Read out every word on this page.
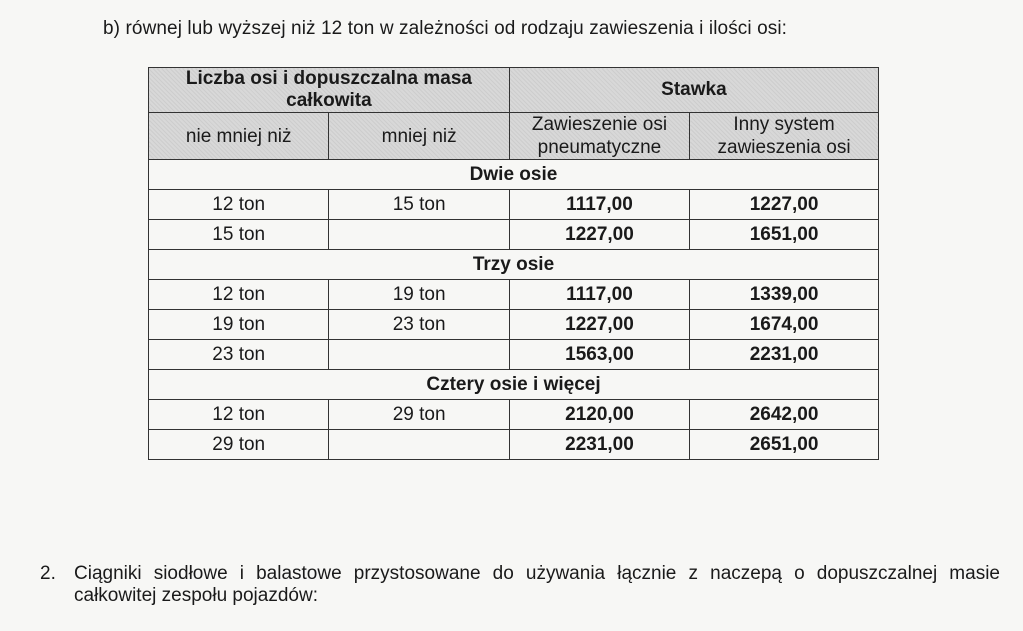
b) równej lub wyższej niż 12 ton w zależności od rodzaju zawieszenia i ilości osi:
Liczba osi i dopuszczalna masa całkowita		Stawka	
nie mniej niż	mniej niż	Zawieszenie osi pneumatyczne	Inny system zawieszenia osi
Dwie osie			
12 ton	15 ton	1117,00	1227,00
15 ton		1227,00	1651,00
Trzy osie			
12 ton	19 ton	1117,00	1339,00
19 ton	23 ton	1227,00	1674,00
23 ton		1563,00	2231,00
Cztery osie i więcej			
12 ton	29 ton	2120,00	2642,00
29 ton		2231,00	2651,00
2. Ciągniki siodłowe i balastowe przystosowane do używania łącznie z naczepą o dopuszczalnej masie całkowitej zespołu pojazdów:
